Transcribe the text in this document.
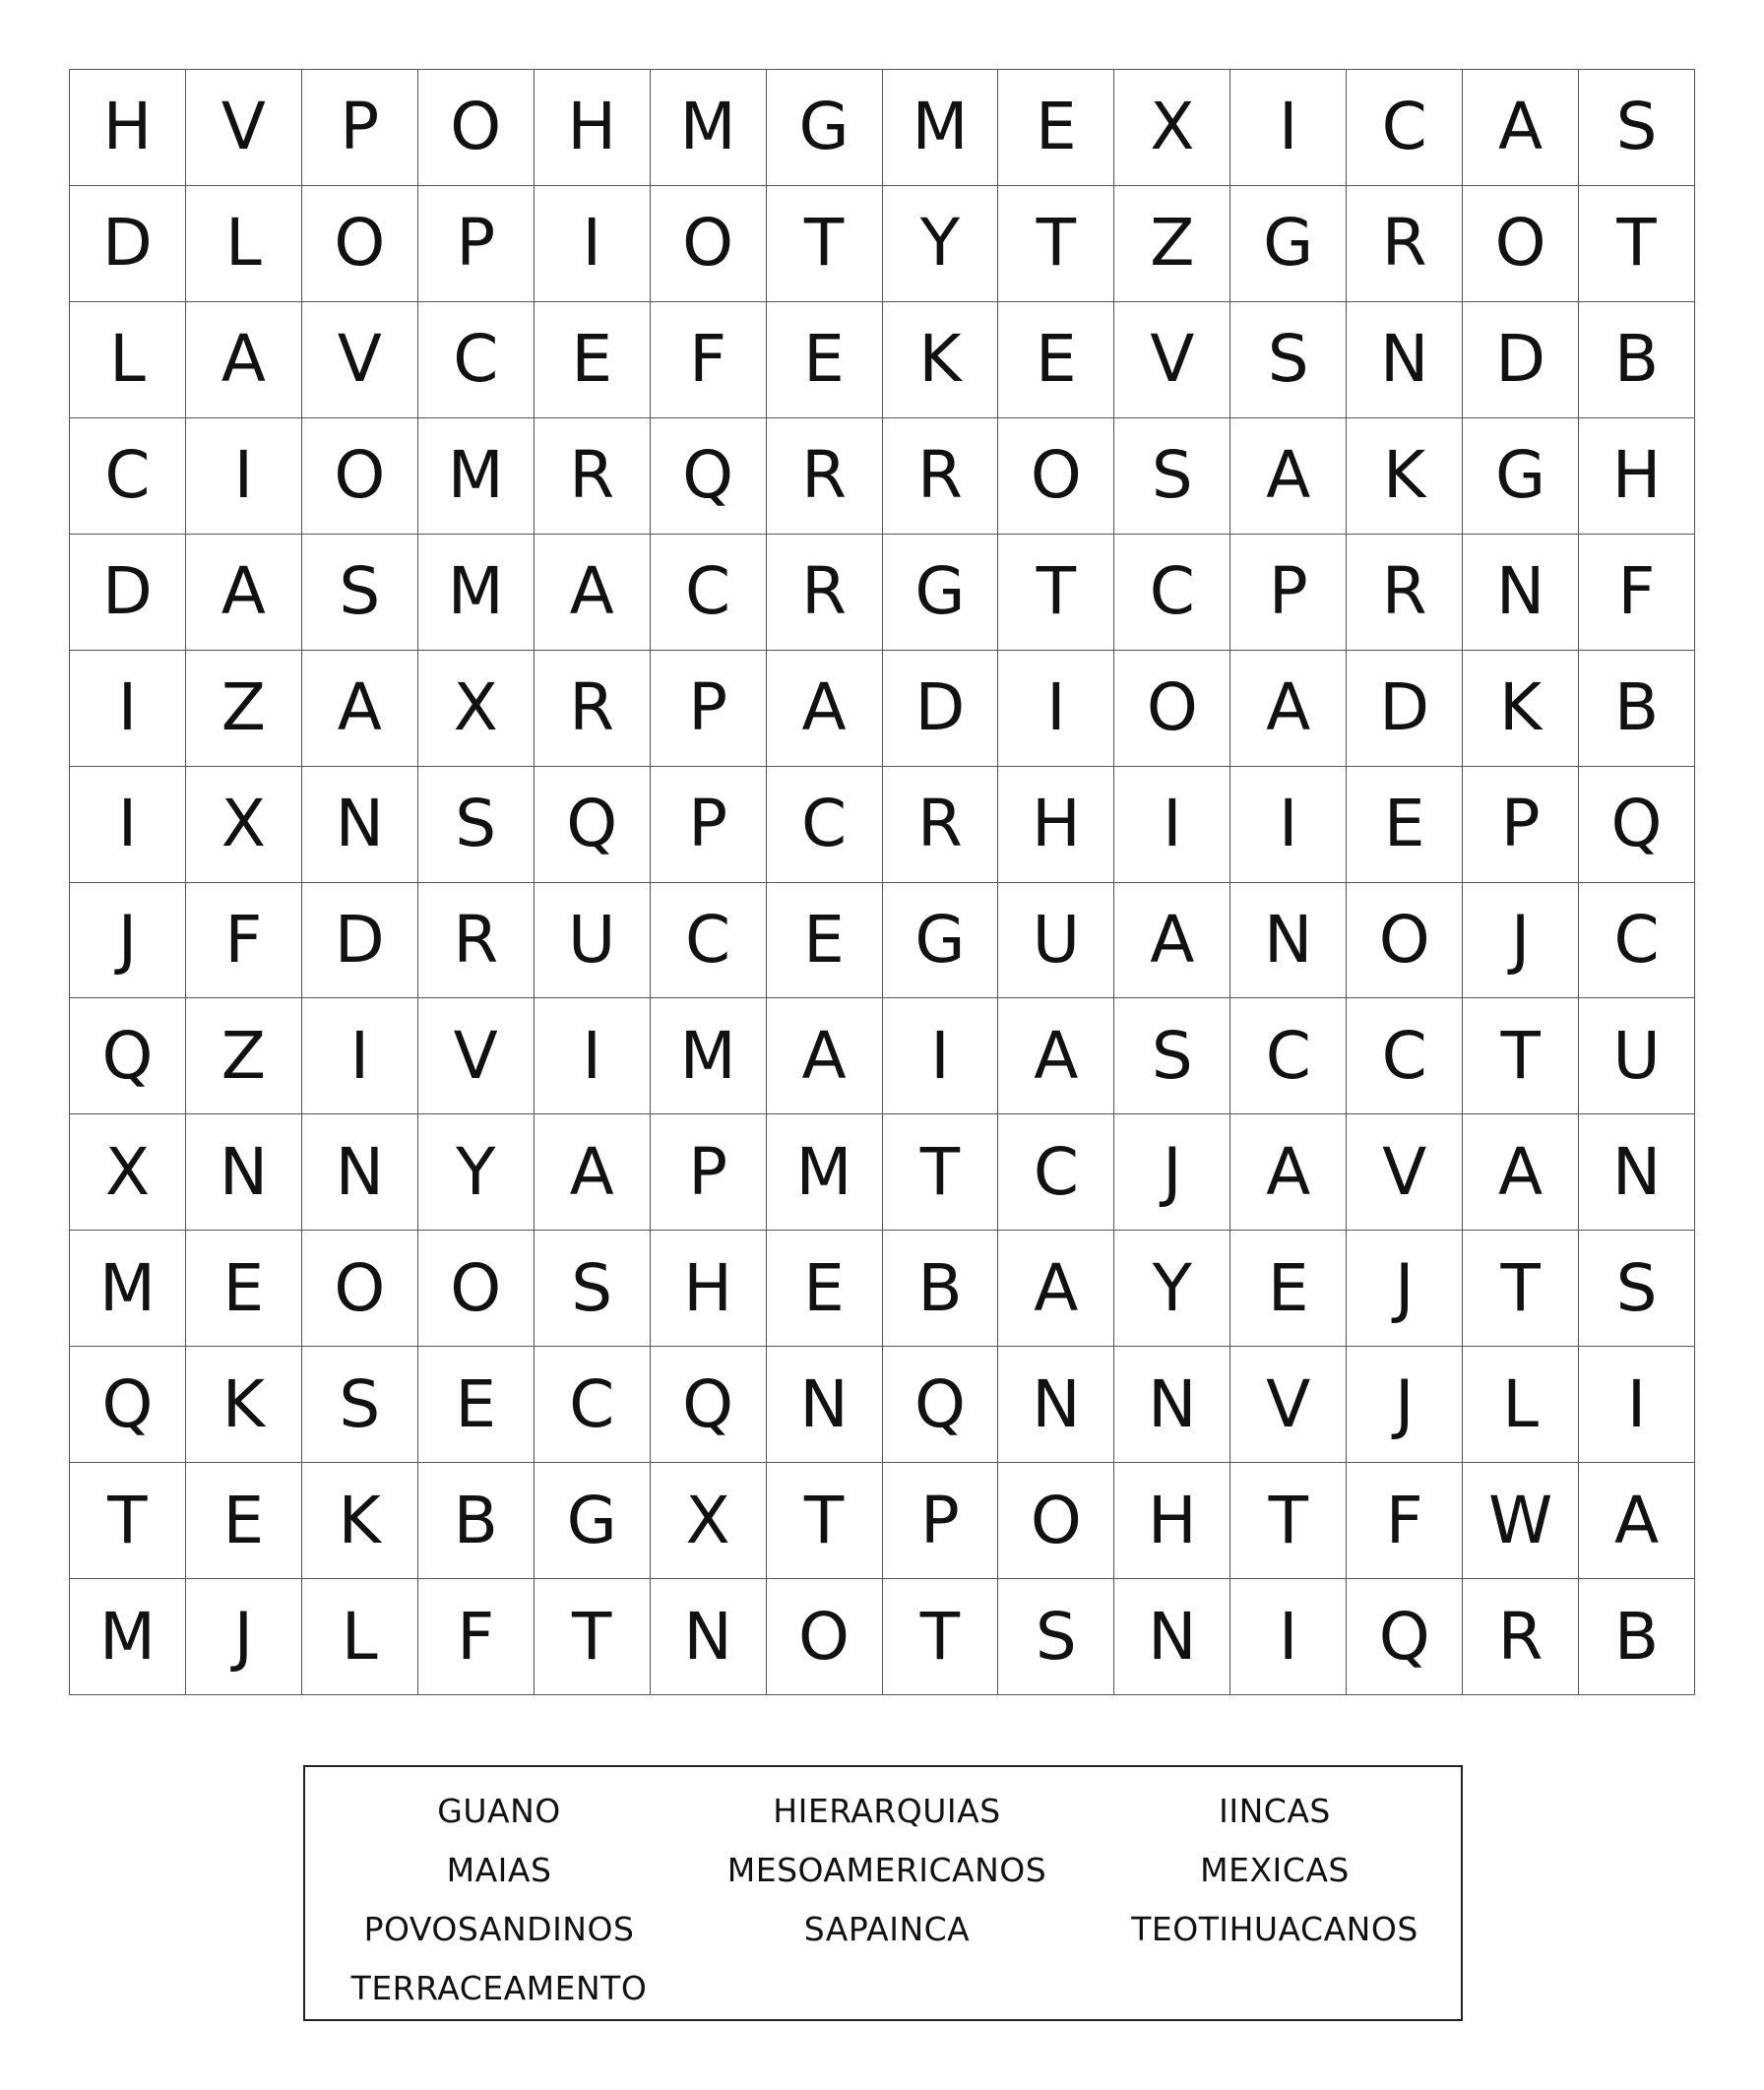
H	V	P	O	H M G M	E	X	I	C	A	S
D	L	O	P	I	O	T	Y	T	Z	G	R	O	T
L	A	V	C	E	F	E	K	E	V	S	N	D	B
C	I	O M	R	Q	R	R	O	S	A	K	G	H
D	A	S	M	A	C	R	G	T	C	P	R	N	F
I	Z	A	X	R	P	A	D	I	O	A	D	K	B
I	X	N	S	Q	P	C	R	H	I	I	E	P	Q
J	F	D	R	U	C	E	G	U	A	N	O	J	C
Q	Z	I	V	I	M	A	I	A	S	C	C	T	U
X	N	N	Y	A	P	M	T	C	J	A	V	A	N
M	E	O O	S	H	E	B	A	Y	E	J	T	S
Q	K	S	E	C	Q	N	Q	N	N	V	J	L	I
T	E	K	B	G	X	T	P	O	H	T	F	W A
M	J	L	F	T	N	O	T	S	N	I	Q	R	B
GUANO	HIERARQUIAS	IINCAS
MAIAS	MESOAMERICANOS	MEXICAS
POVOSANDINOS	SAPAINCA	TEOTIHUACANOS
TERRACEAMENTO
